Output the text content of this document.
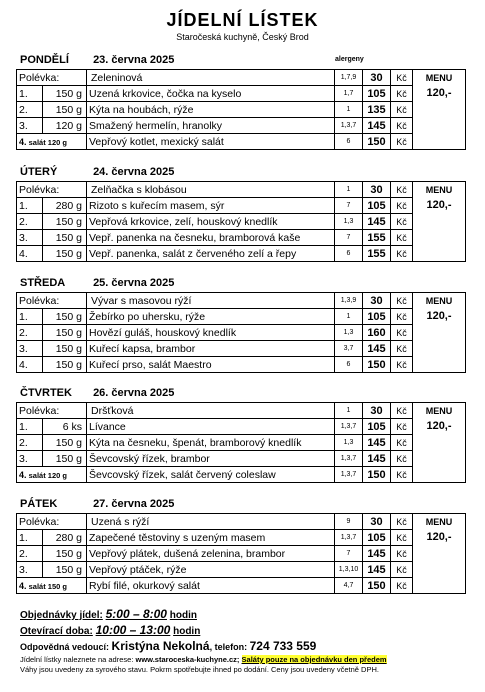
JÍDELNÍ LÍSTEK
Staročeská kuchyně, Český Brod
PONDĚLÍ 23. června 2025	alergeny
Polévka:		Zeleninová	1,7,9	30	Kč	MENU
120,-

1.	150 g	Uzená krkovice, čočka na kyselo	1,7	105	Kč	
2.	150 g	Kýta na houbách, rýže	1	135	Kč	
3.	120 g	Smažený hermelín, hranolky	1,3,7	145	Kč	
4. salát 120 g		Vepřový kotlet, mexický salát	6	150	Kč	
ÚTERÝ	24. června 2025
Polévka:		Zelňačka s klobásou	1	30	Kč	MENU
120,-

1.	280 g	Rizoto s kuřecím masem, sýr	7	105	Kč	
2.	150 g	Vepřová krkovice, zelí, houskový knedlík	1,3	145	Kč	
3.	150 g	Vepř. panenka na česneku, bramborová kaše	7	155	Kč	
4.	150 g	Vepř. panenka, salát z červeného zelí a řepy	6	155	Kč	
STŘEDA	25. června 2025
Polévka:		Vývar s masovou rýží	1,3,9	30	Kč	MENU
120,-

1.	150 g	Žebírko po uhersku, rýže	1	105	Kč	
2.	150 g	Hovězí guláš, houskový knedlík	1,3	160	Kč	
3.	150 g	Kuřecí kapsa, brambor	3,7	145	Kč	
4.	150 g	Kuřecí prso, salát Maestro	6	150	Kč	
ČTVRTEK 26. června 2025
Polévka:		Dršťková	1	30	Kč	MENU
120,-

1.	6 ks	Lívance	1,3,7	105	Kč	
2.	150 g	Kýta na česneku, špenát, bramborový knedlík	1,3	145	Kč	
3.	150 g	Ševcovský řízek, brambor	1,3,7	145	Kč	
4. salát 120 g		Ševcovský řízek, salát červený coleslaw	1,3,7	150	Kč	
PÁTEK	27. června 2025
Polévka:		Uzená s rýží	9	30	Kč	MENU
120,-

1.	280 g	Zapečené těstoviny s uzeným masem	1,3,7	105	Kč	
2.	150 g	Vepřový plátek, dušená zelenina, brambor	7	145	Kč	
3.	150 g	Vepřový ptáček, rýže	1,3,10	145	Kč	
4. salát 150 g		Rybí filé, okurkový salát	4,7	150	Kč	
Objednávky jídel: 5:00 – 8:00 hodin
Otevírací doba: 10:00 – 13:00 hodin
Odpovědná vedoucí: Kristýna Nekolná, telefon: 724 733 559
Jídelní lístky naleznete na adrese: www.staroceska-kuchyne.cz; Saláty pouze na objednávku den předem
Váhy jsou uvedeny za syrového stavu. Pokrm spotřebujte ihned po dodání. Ceny jsou uvedeny včetně DPH.
